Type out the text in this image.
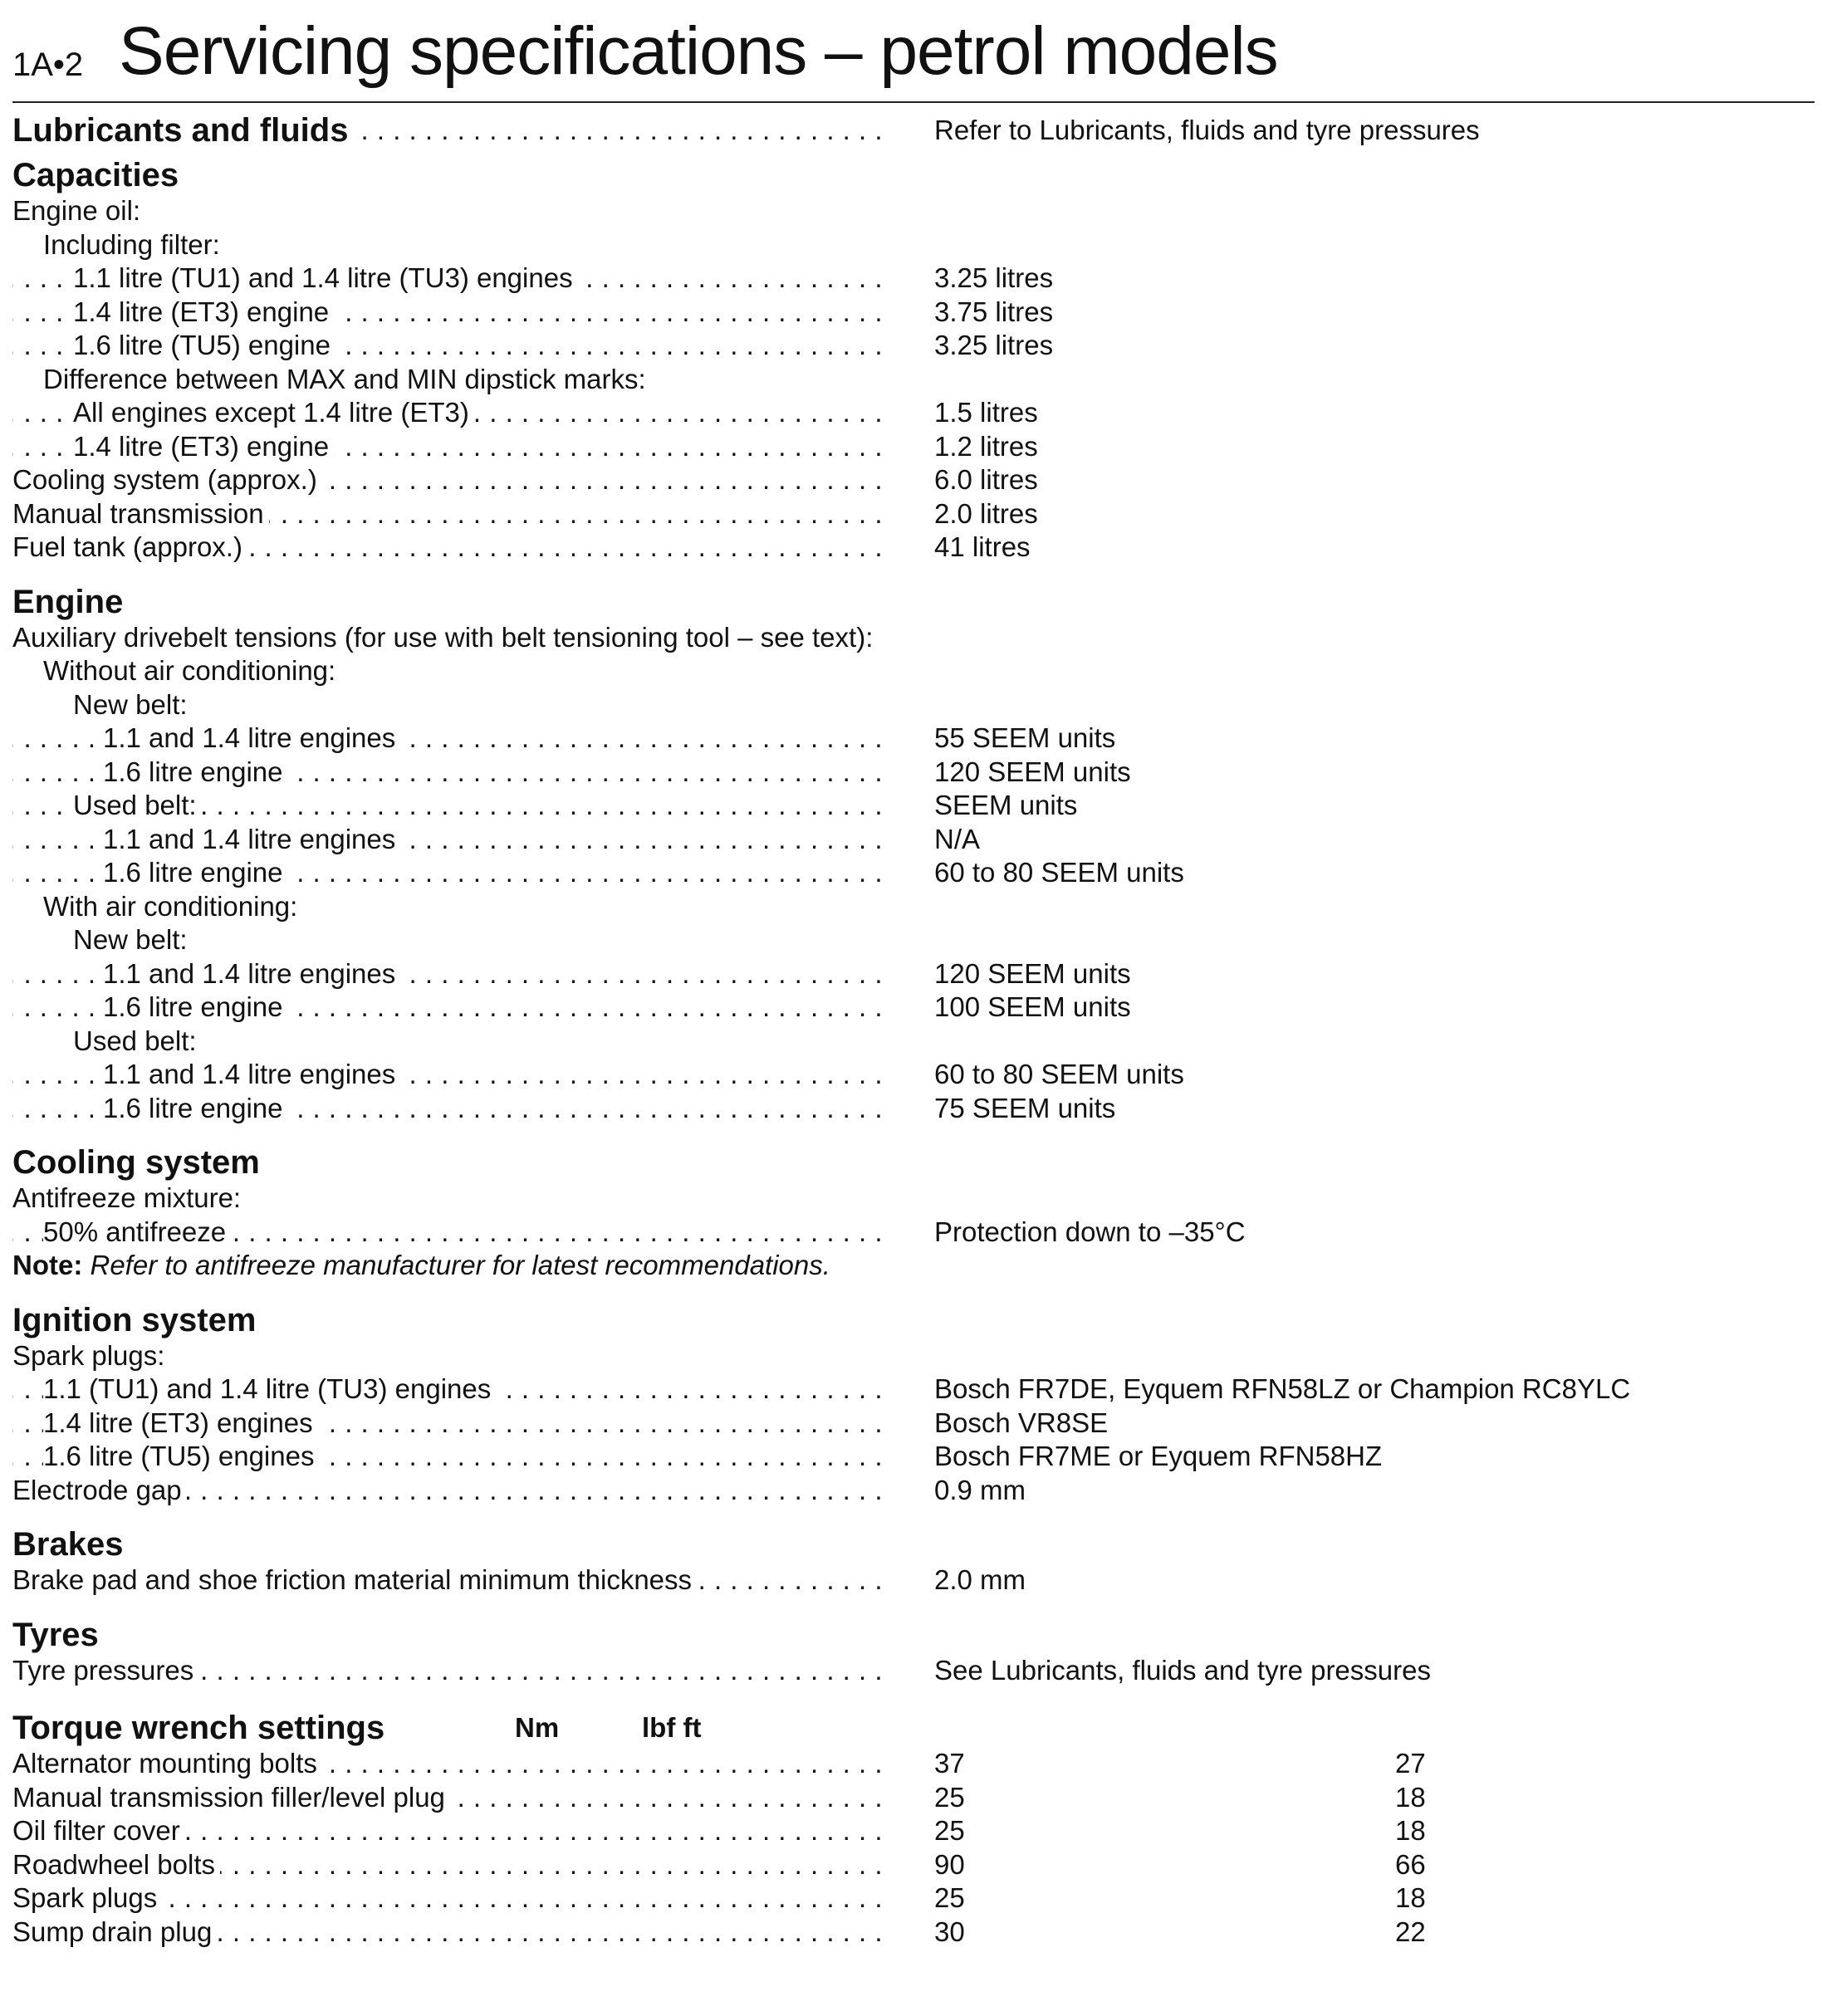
1A•2 Servicing specifications – petrol models
Lubricants and fluids . . .	Refer to Lubricants, fluids and tyre pressures
Capacities
Engine oil:
Including filter:
1.1 litre (TU1) and 1.4 litre (TU3) engines . . .	3.25 litres
1.4 litre (ET3) engine . . .	3.75 litres
1.6 litre (TU5) engine . . .	3.25 litres
Difference between MAX and MIN dipstick marks:
All engines except 1.4 litre (ET3) . . .	1.5 litres
1.4 litre (ET3) engine . . .	1.2 litres
Cooling system (approx.) . . .	6.0 litres
Manual transmission . . .	2.0 litres
Fuel tank (approx.) . . .	41 litres
Engine
Auxiliary drivebelt tensions (for use with belt tensioning tool – see text):
Without air conditioning:
New belt:
1.1 and 1.4 litre engines . . .	55 SEEM units
1.6 litre engine . . .	120 SEEM units
Used belt: . . .	SEEM units
1.1 and 1.4 litre engines . . .	N/A
1.6 litre engine . . .	60 to 80 SEEM units
With air conditioning:
New belt:
1.1 and 1.4 litre engines . . .	120 SEEM units
1.6 litre engine . . .	100 SEEM units
Used belt:
1.1 and 1.4 litre engines . . .	60 to 80 SEEM units
1.6 litre engine . . .	75 SEEM units
Cooling system
Antifreeze mixture:
50% antifreeze . . .	Protection down to –35°C
Note: Refer to antifreeze manufacturer for latest recommendations.
Ignition system
Spark plugs:
1.1 (TU1) and 1.4 litre (TU3) engines . . .	Bosch FR7DE, Eyquem RFN58LZ or Champion RC8YLC
1.4 litre (ET3) engines . . .	Bosch VR8SE
1.6 litre (TU5) engines . . .	Bosch FR7ME or Eyquem RFN58HZ
Electrode gap . . .	0.9 mm
Brakes
Brake pad and shoe friction material minimum thickness . . .	2.0 mm
Tyres
Tyre pressures . . .	See Lubricants, fluids and tyre pressures
Torque wrench settings	Nm	lbf ft
Alternator mounting bolts . . .	37	27
Manual transmission filler/level plug . . .	25	18
Oil filter cover . . .	25	18
Roadwheel bolts . . .	90	66
Spark plugs . . .	25	18
Sump drain plug . . .	30	22
